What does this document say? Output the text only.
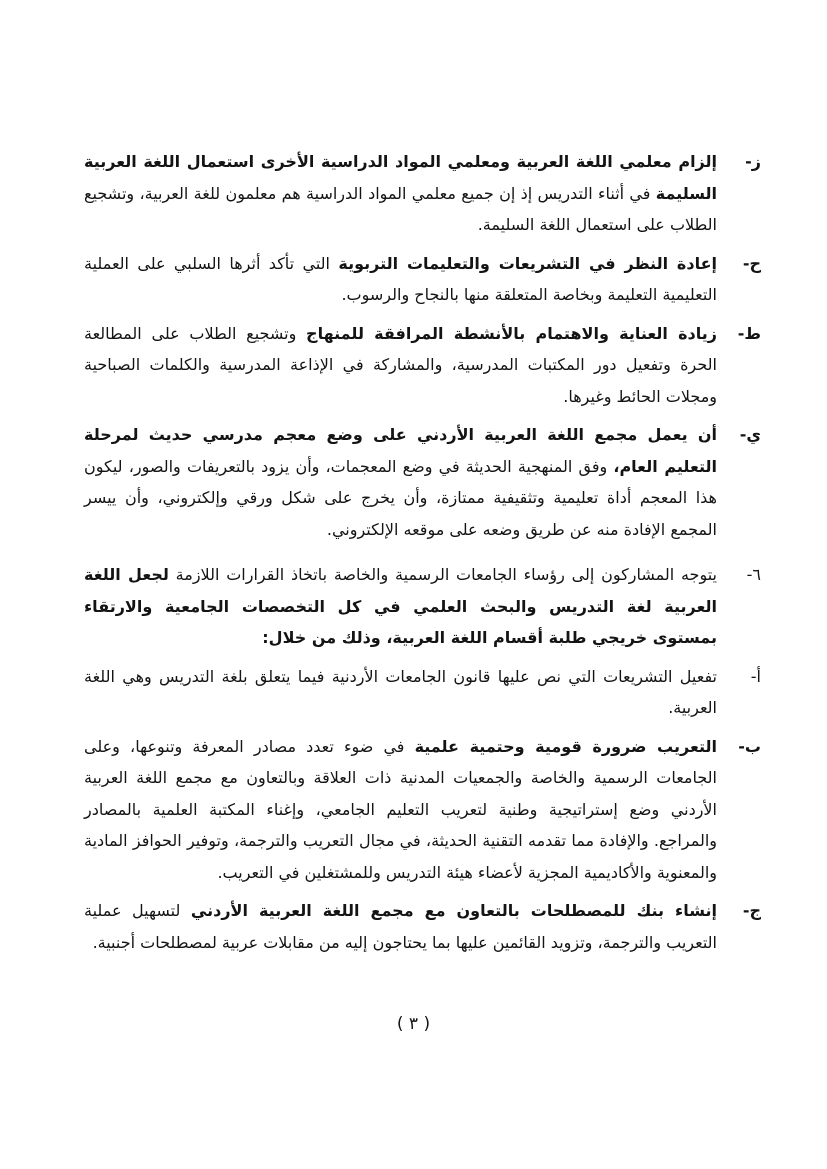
ز-
إلزام معلمي اللغة العربية ومعلمي المواد الدراسية الأخرى استعمال اللغة العربية السليمة في أثناء التدريس إذ إن جميع معلمي المواد الدراسية هم معلمون للغة العربية، وتشجيع الطلاب على استعمال اللغة السليمة.
ح-
إعادة النظر في التشريعات والتعليمات التربوية التي تأكد أثرها السلبي على العملية التعليمية التعليمة وبخاصة المتعلقة منها بالنجاح والرسوب.
ط-
زيادة العناية والاهتمام بالأنشطة المرافقة للمنهاج وتشجيع الطلاب على المطالعة الحرة وتفعيل دور المكتبات المدرسية، والمشاركة في الإذاعة المدرسية والكلمات الصباحية ومجلات الحائط وغيرها.
ي-
أن يعمل مجمع اللغة العربية الأردني على وضع معجم مدرسي حديث لمرحلة التعليم العام، وفق المنهجية الحديثة في وضع المعجمات، وأن يزود بالتعريفات والصور، ليكون هذا المعجم أداة تعليمية وتثقيفية ممتازة، وأن يخرج على شكل ورقي وإلكتروني، وأن ييسر المجمع الإفادة منه عن طريق وضعه على موقعه الإلكتروني.
٦-
يتوجه المشاركون إلى رؤساء الجامعات الرسمية والخاصة باتخاذ القرارات اللازمة لجعل اللغة العربية لغة التدريس والبحث العلمي في كل التخصصات الجامعية والارتقاء بمستوى خريجي طلبة أقسام اللغة العربية، وذلك من خلال:
أ-
تفعيل التشريعات التي نص عليها قانون الجامعات الأردنية فيما يتعلق بلغة التدريس وهي اللغة العربية.
ب-
التعريب ضرورة قومية وحتمية علمية في ضوء تعدد مصادر المعرفة وتنوعها، وعلى الجامعات الرسمية والخاصة والجمعيات المدنية ذات العلاقة وبالتعاون مع مجمع اللغة العربية الأردني وضع إستراتيجية وطنية لتعريب التعليم الجامعي، وإغناء المكتبة العلمية بالمصادر والمراجع. والإفادة مما تقدمه التقنية الحديثة، في مجال التعريب والترجمة، وتوفير الحوافز المادية والمعنوية والأكاديمية المجزية لأعضاء هيئة التدريس وللمشتغلين في التعريب.
ج-
إنشاء بنك للمصطلحات بالتعاون مع مجمع اللغة العربية الأردني لتسهيل عملية التعريب والترجمة، وتزويد القائمين عليها بما يحتاجون إليه من مقابلات عربية لمصطلحات أجنبية.
( ٣ )
